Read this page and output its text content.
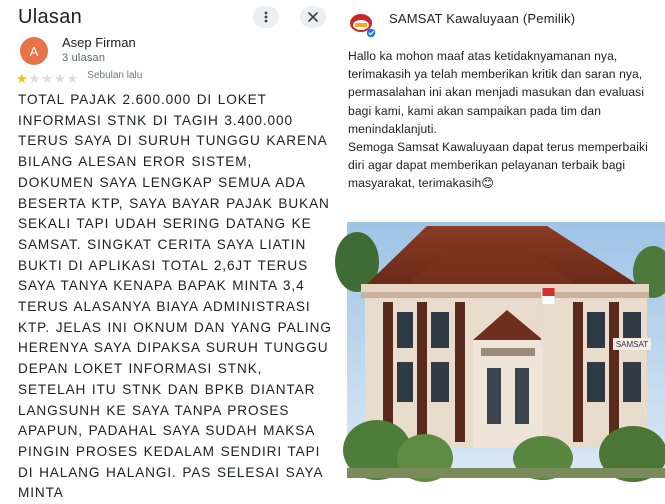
Ulasan
A
Asep Firman
3 ulasan
★ ★ ★ ★ ★ Sebulan lalu
TOTAL PAJAK 2.600.000 DI LOKET INFORMASI STNK DI TAGIH 3.400.000 TERUS SAYA DI SURUH TUNGGU KARENA BILANG ALESAN EROR SISTEM, DOKUMEN SAYA LENGKAP SEMUA ADA BESERTA KTP, SAYA BAYAR PAJAK BUKAN SEKALI TAPI UDAH SERING DATANG KE SAMSAT. SINGKAT CERITA SAYA LIATIN BUKTI DI APLIKASI TOTAL 2,6JT TERUS SAYA TANYA KENAPA BAPAK MINTA 3,4 TERUS ALASANYA BIAYA ADMINISTRASI KTP. JELAS INI OKNUM DAN YANG PALING HERENYA SAYA DIPAKSA SURUH TUNGGU DEPAN LOKET INFORMASI STNK, SETELAH ITU STNK DAN BPKB DIANTAR LANGSUNH KE SAYA TANPA PROSES APAPUN, PADAHAL SAYA SUDAH MAKSA PINGIN PROSES KEDALAM SENDIRI TAPI DI HALANG HALANGI. PAS SELESAI SAYA MINTA
SAMSAT Kawaluyaan (Pemilik)

Hallo ka mohon maaf atas ketidaknyamanan nya, terimakasih ya telah memberikan kritik dan saran nya, permasalahan ini akan menjadi masukan dan evaluasi bagi kami, kami akan sampaikan pada tim dan menindaklanjuti.

Semoga Samsat Kawaluyaan dapat terus memperbaiki diri agar dapat memberikan pelayanan terbaik bagi masyarakat, terimakasih😊

SAMSAT
